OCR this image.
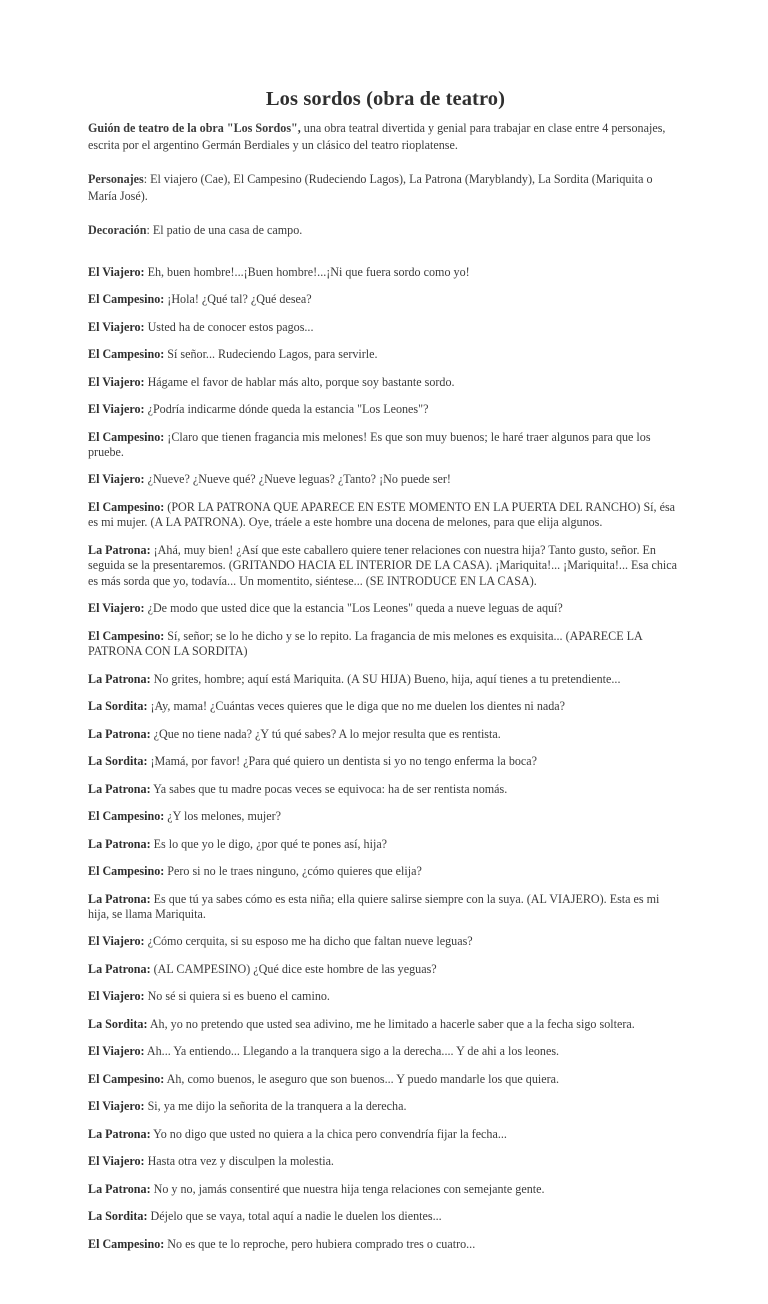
Los sordos (obra de teatro)

Guión de teatro de la obra "Los Sordos", una obra teatral divertida y genial para trabajar en clase entre 4 personajes, escrita por el argentino Germán Berdiales y un clásico del teatro rioplatense.

Personajes: El viajero (Cae), El Campesino (Rudeciendo Lagos), La Patrona (Maryblandy), La Sordita (Mariquita o María José).

Decoración: El patio de una casa de campo.

El Viajero: Eh, buen hombre!...¡Buen hombre!...¡Ni que fuera sordo como yo!

El Campesino: ¡Hola! ¿Qué tal? ¿Qué desea?

El Viajero: Usted ha de conocer estos pagos...

El Campesino: Sí señor... Rudeciendo Lagos, para servirle.

El Viajero: Hágame el favor de hablar más alto, porque soy bastante sordo.

El Viajero: ¿Podría indicarme dónde queda la estancia "Los Leones"?

El Campesino: ¡Claro que tienen fragancia mis melones! Es que son muy buenos; le haré traer algunos para que los pruebe.

El Viajero: ¿Nueve? ¿Nueve qué? ¿Nueve leguas? ¿Tanto? ¡No puede ser!

El Campesino: (POR LA PATRONA QUE APARECE EN ESTE MOMENTO EN LA PUERTA DEL RANCHO) Sí, ésa es mi mujer. (A LA PATRONA). Oye, tráele a este hombre una docena de melones, para que elija algunos.

La Patrona: ¡Ahá, muy bien! ¿Así que este caballero quiere tener relaciones con nuestra hija? Tanto gusto, señor. En seguida se la presentaremos. (GRITANDO HACIA EL INTERIOR DE LA CASA). ¡Mariquita!... ¡Mariquita!... Esa chica es más sorda que yo, todavía... Un momentito, siéntese... (SE INTRODUCE EN LA CASA).

El Viajero: ¿De modo que usted dice que la estancia "Los Leones" queda a nueve leguas de aquí?

El Campesino: Sí, señor; se lo he dicho y se lo repito. La fragancia de mis melones es exquisita... (APARECE LA PATRONA CON LA SORDITA)

La Patrona: No grites, hombre; aquí está Mariquita. (A SU HIJA) Bueno, hija, aquí tienes a tu pretendiente...

La Sordita: ¡Ay, mama! ¿Cuántas veces quieres que le diga que no me duelen los dientes ni nada?

La Patrona: ¿Que no tiene nada? ¿Y tú qué sabes? A lo mejor resulta que es rentista.

La Sordita: ¡Mamá, por favor! ¿Para qué quiero un dentista si yo no tengo enferma la boca?

La Patrona: Ya sabes que tu madre pocas veces se equivoca: ha de ser rentista nomás.

El Campesino: ¿Y los melones, mujer?

La Patrona: Es lo que yo le digo, ¿por qué te pones así, hija?

El Campesino: Pero si no le traes ninguno, ¿cómo quieres que elija?

La Patrona: Es que tú ya sabes cómo es esta niña; ella quiere salirse siempre con la suya. (AL VIAJERO). Esta es mi hija, se llama Mariquita.

El Viajero: ¿Cómo cerquita, si su esposo me ha dicho que faltan nueve leguas?

La Patrona: (AL CAMPESINO) ¿Qué dice este hombre de las yeguas?

El Viajero: No sé si quiera si es bueno el camino.

La Sordita: Ah, yo no pretendo que usted sea adivino, me he limitado a hacerle saber que a la fecha sigo soltera.

El Viajero: Ah... Ya entiendo... Llegando a la tranquera sigo a la derecha.... Y de ahi a los leones.

El Campesino: Ah, como buenos, le aseguro que son buenos... Y puedo mandarle los que quiera.

El Viajero: Si, ya me dijo la señorita de la tranquera a la derecha.

La Patrona: Yo no digo que usted no quiera a la chica pero convendría fijar la fecha...

El Viajero: Hasta otra vez y disculpen la molestia.

La Patrona: No y no, jamás consentiré que nuestra hija tenga relaciones con semejante gente.

La Sordita: Déjelo que se vaya, total aquí a nadie le duelen los dientes...

El Campesino: No es que te lo reproche, pero hubiera comprado tres o cuatro...
